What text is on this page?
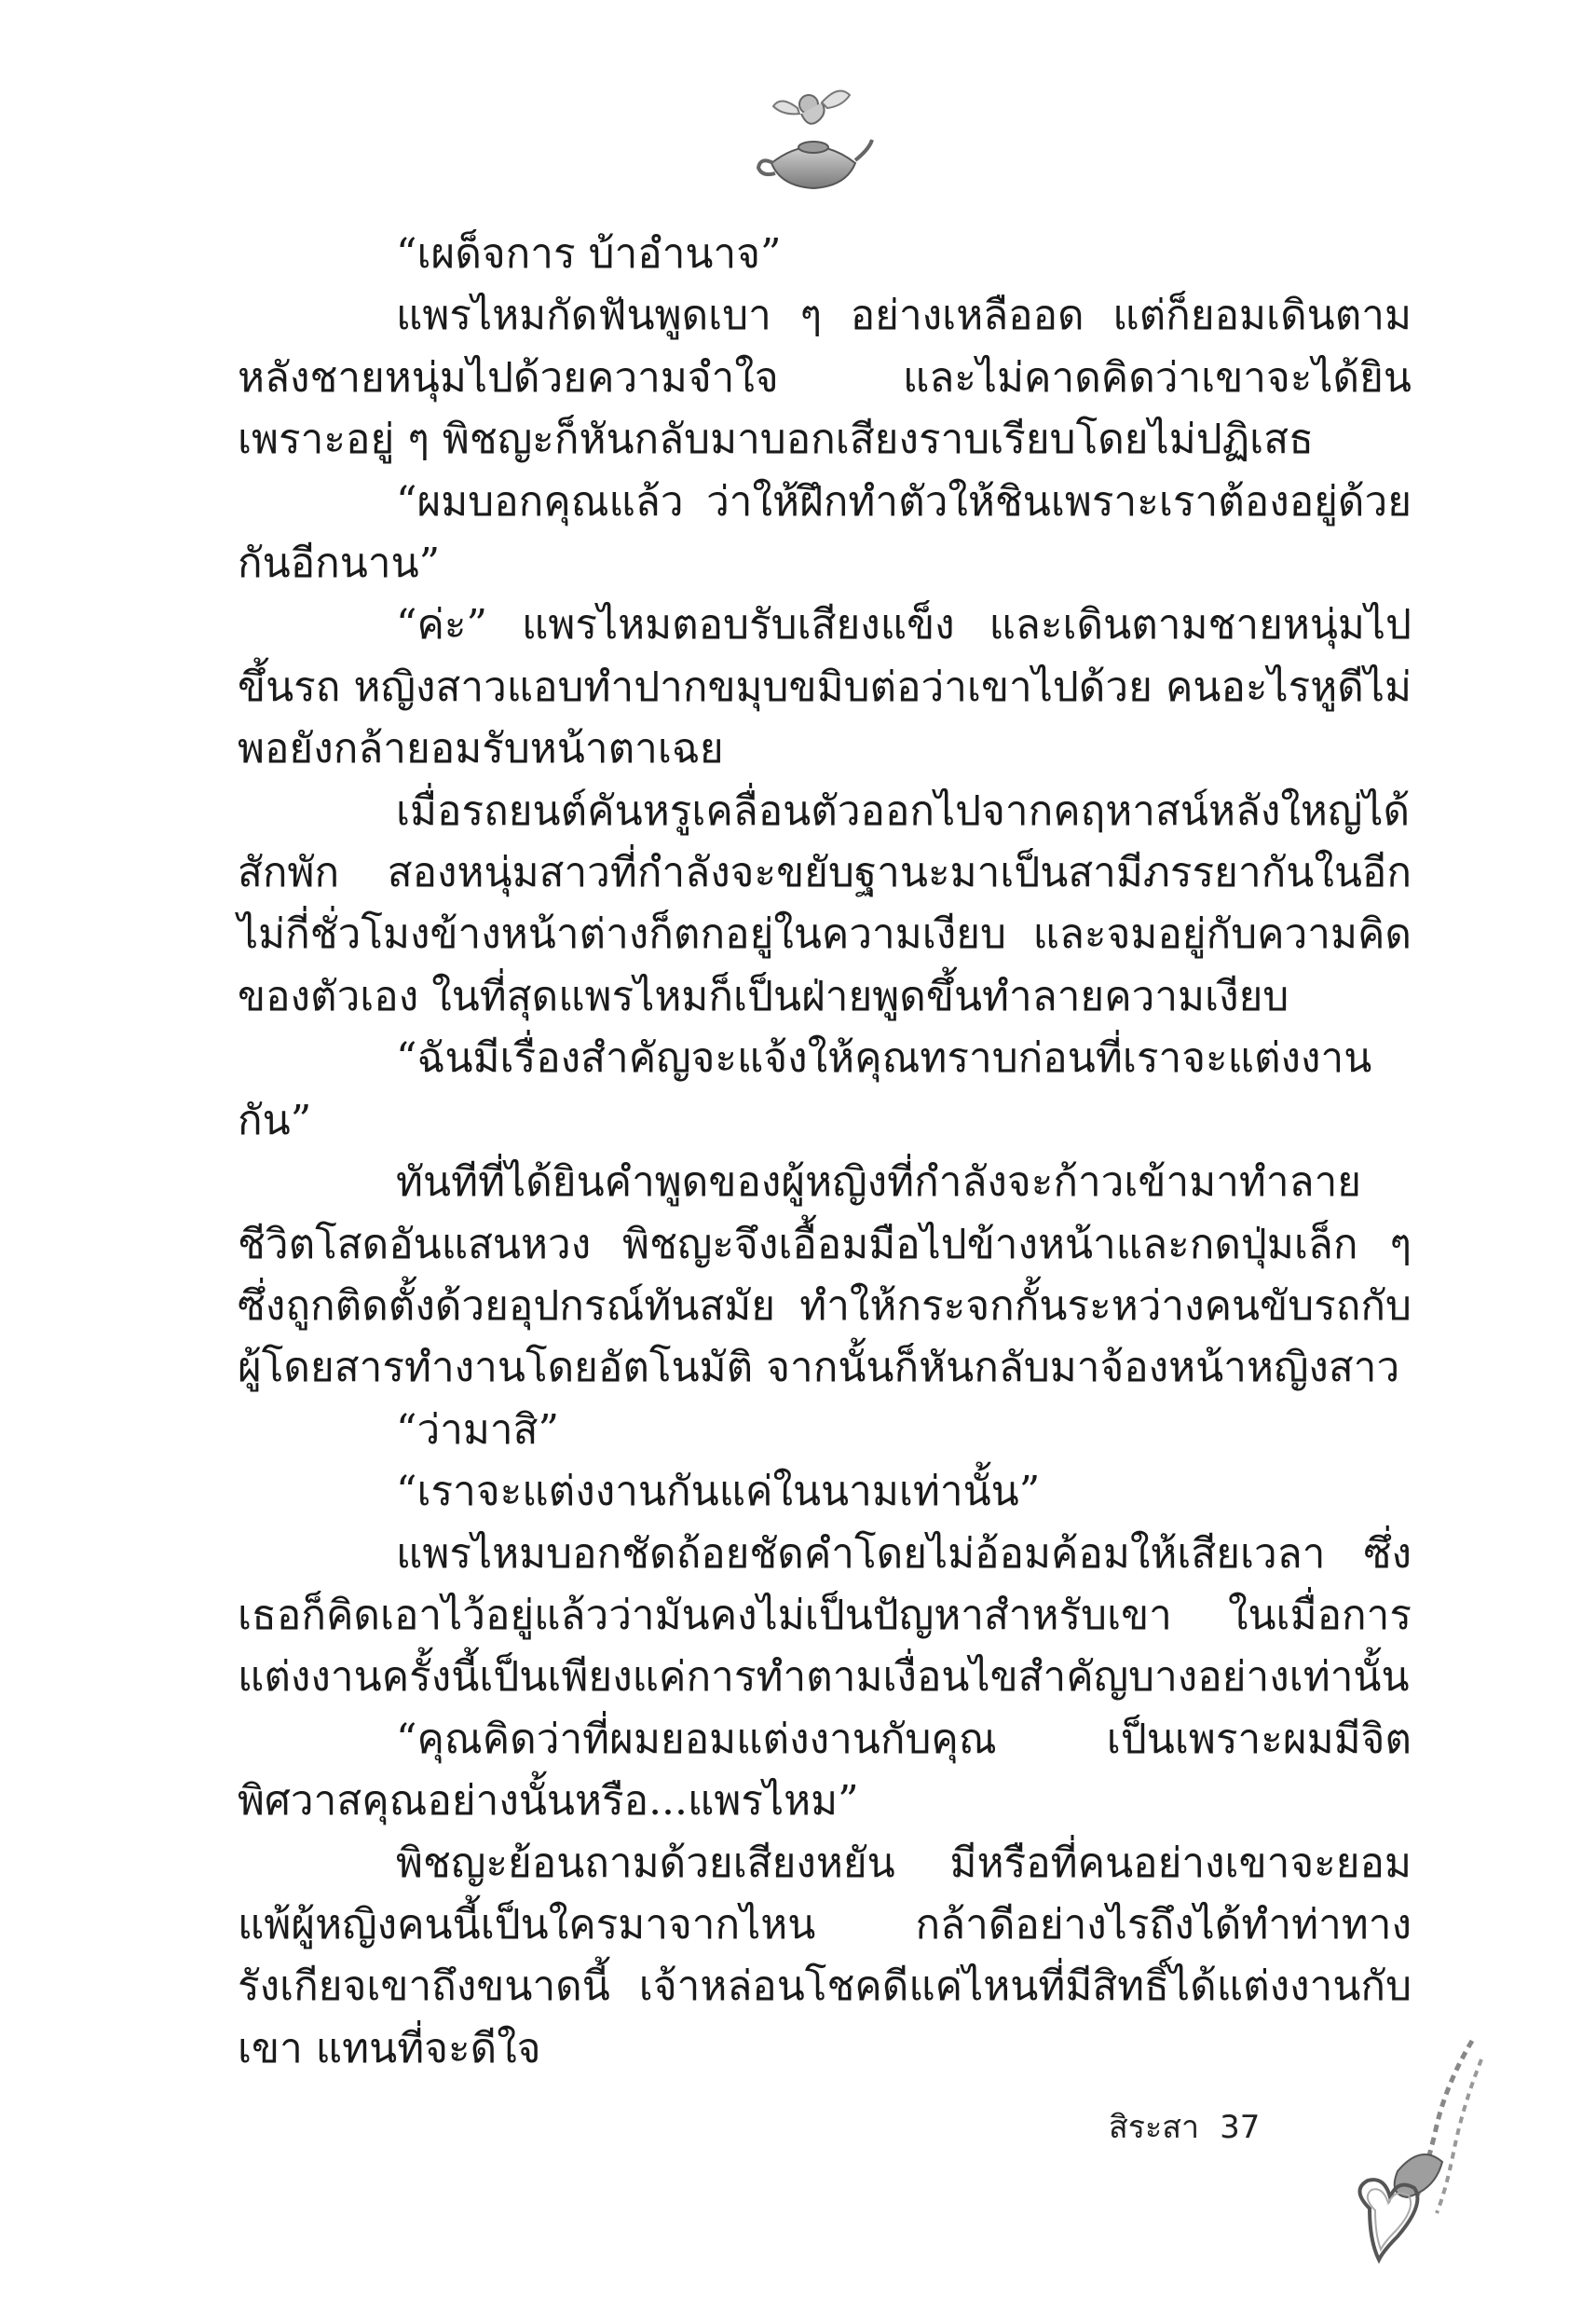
“เผด็จการ บ้าอำนาจ”

แพรไหมกัดฟันพูดเบา ๆ อย่างเหลืออด แต่ก็ยอมเดินตามหลังชายหนุ่มไปด้วยความจำใจ และไม่คาดคิดว่าเขาจะได้ยิน เพราะอยู่ ๆ พิชญะก็หันกลับมาบอกเสียงราบเรียบโดยไม่ปฏิเสธ

“ผมบอกคุณแล้ว ว่าให้ฝึกทำตัวให้ชินเพราะเราต้องอยู่ด้วยกันอีกนาน”

“ค่ะ” แพรไหมตอบรับเสียงแข็ง และเดินตามชายหนุ่มไปขึ้นรถ หญิงสาวแอบทำปากขมุบขมิบต่อว่าเขาไปด้วย คนอะไรหูดีไม่พอยังกล้ายอมรับหน้าตาเฉย

เมื่อรถยนต์คันหรูเคลื่อนตัวออกไปจากคฤหาสน์หลังใหญ่ได้สักพัก สองหนุ่มสาวที่กำลังจะขยับฐานะมาเป็นสามีภรรยากันในอีกไม่กี่ชั่วโมงข้างหน้าต่างก็ตกอยู่ในความเงียบ และจมอยู่กับความคิดของตัวเอง ในที่สุดแพรไหมก็เป็นฝ่ายพูดขึ้นทำลายความเงียบ

“ฉันมีเรื่องสำคัญจะแจ้งให้คุณทราบก่อนที่เราจะแต่งงานกัน”

ทันทีที่ได้ยินคำพูดของผู้หญิงที่กำลังจะก้าวเข้ามาทำลายชีวิตโสดอันแสนหวง พิชญะจึงเอื้อมมือไปข้างหน้าและกดปุ่มเล็ก ๆ ซึ่งถูกติดตั้งด้วยอุปกรณ์ทันสมัย ทำให้กระจกกั้นระหว่างคนขับรถกับผู้โดยสารทำงานโดยอัตโนมัติ จากนั้นก็หันกลับมาจ้องหน้าหญิงสาว

“ว่ามาสิ”

“เราจะแต่งงานกันแค่ในนามเท่านั้น”

แพรไหมบอกชัดถ้อยชัดคำโดยไม่อ้อมค้อมให้เสียเวลา ซึ่งเธอก็คิดเอาไว้อยู่แล้วว่ามันคงไม่เป็นปัญหาสำหรับเขา ในเมื่อการแต่งงานครั้งนี้เป็นเพียงแค่การทำตามเงื่อนไขสำคัญบางอย่างเท่านั้น

“คุณคิดว่าที่ผมยอมแต่งงานกับคุณ เป็นเพราะผมมีจิตพิศวาสคุณอย่างนั้นหรือ...แพรไหม”

พิชญะย้อนถามด้วยเสียงหยัน มีหรือที่คนอย่างเขาจะยอมแพ้ผู้หญิงคนนี้เป็นใครมาจากไหน กล้าดีอย่างไรถึงได้ทำท่าทางรังเกียจเขาถึงขนาดนี้ เจ้าหล่อนโชคดีแค่ไหนที่มีสิทธิ์ได้แต่งงานกับเขา แทนที่จะดีใจ

สิระสา 37
